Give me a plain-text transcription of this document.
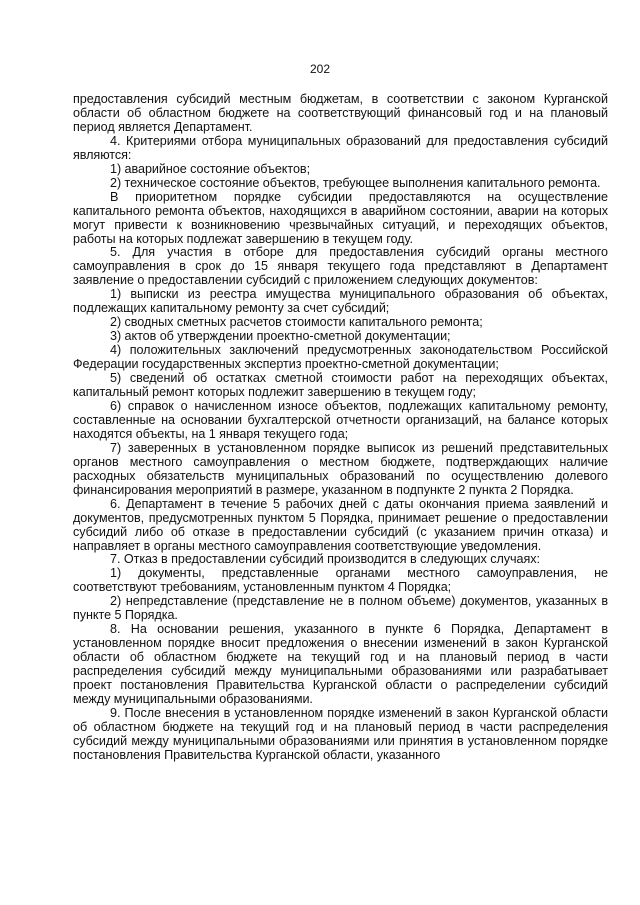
202

предоставления субсидий местным бюджетам, в соответствии с законом Курганской области об областном бюджете на соответствующий финансовый год и на плановый период является Департамент.

4. Критериями отбора муниципальных образований для предоставления субсидий являются:

1) аварийное состояние объектов;

2) техническое состояние объектов, требующее выполнения капитального ремонта.

В приоритетном порядке субсидии предоставляются на осуществление капитального ремонта объектов, находящихся в аварийном состоянии, аварии на которых могут привести к возникновению чрезвычайных ситуаций, и переходящих объектов, работы на которых подлежат завершению в текущем году.

5. Для участия в отборе для предоставления субсидий органы местного самоуправления в срок до 15 января текущего года представляют в Департамент заявление о предоставлении субсидий с приложением следующих документов:

1) выписки из реестра имущества муниципального образования об объектах, подлежащих капитальному ремонту за счет субсидий;

2) сводных сметных расчетов стоимости капитального ремонта;

3) актов об утверждении проектно-сметной документации;

4) положительных заключений предусмотренных законодательством Российской Федерации государственных экспертиз проектно-сметной документации;

5) сведений об остатках сметной стоимости работ на переходящих объектах, капитальный ремонт которых подлежит завершению в текущем году;

6) справок о начисленном износе объектов, подлежащих капитальному ремонту, составленные на основании бухгалтерской отчетности организаций, на балансе которых находятся объекты, на 1 января текущего года;

7) заверенных в установленном порядке выписок из решений представительных органов местного самоуправления о местном бюджете, подтверждающих наличие расходных обязательств муниципальных образований по осуществлению долевого финансирования мероприятий в размере, указанном в подпункте 2 пункта 2 Порядка.

6. Департамент в течение 5 рабочих дней с даты окончания приема заявлений и документов, предусмотренных пунктом 5 Порядка, принимает решение о предоставлении субсидий либо об отказе в предоставлении субсидий (с указанием причин отказа) и направляет в органы местного самоуправления соответствующие уведомления.

7. Отказ в предоставлении субсидий производится в следующих случаях:

1) документы, представленные органами местного самоуправления, не соответствуют требованиям, установленным пунктом 4 Порядка;

2) непредставление (представление не в полном объеме) документов, указанных в пункте 5 Порядка.

8. На основании решения, указанного в пункте 6 Порядка, Департамент в установленном порядке вносит предложения о внесении изменений в закон Курганской области об областном бюджете на текущий год и на плановый период в части распределения субсидий между муниципальными образованиями или разрабатывает проект постановления Правительства Курганской области о распределении субсидий между муниципальными образованиями.

9. После внесения в установленном порядке изменений в закон Курганской области об областном бюджете на текущий год и на плановый период в части распределения субсидий между муниципальными образованиями или принятия в установленном порядке постановления Правительства Курганской области, указанного
